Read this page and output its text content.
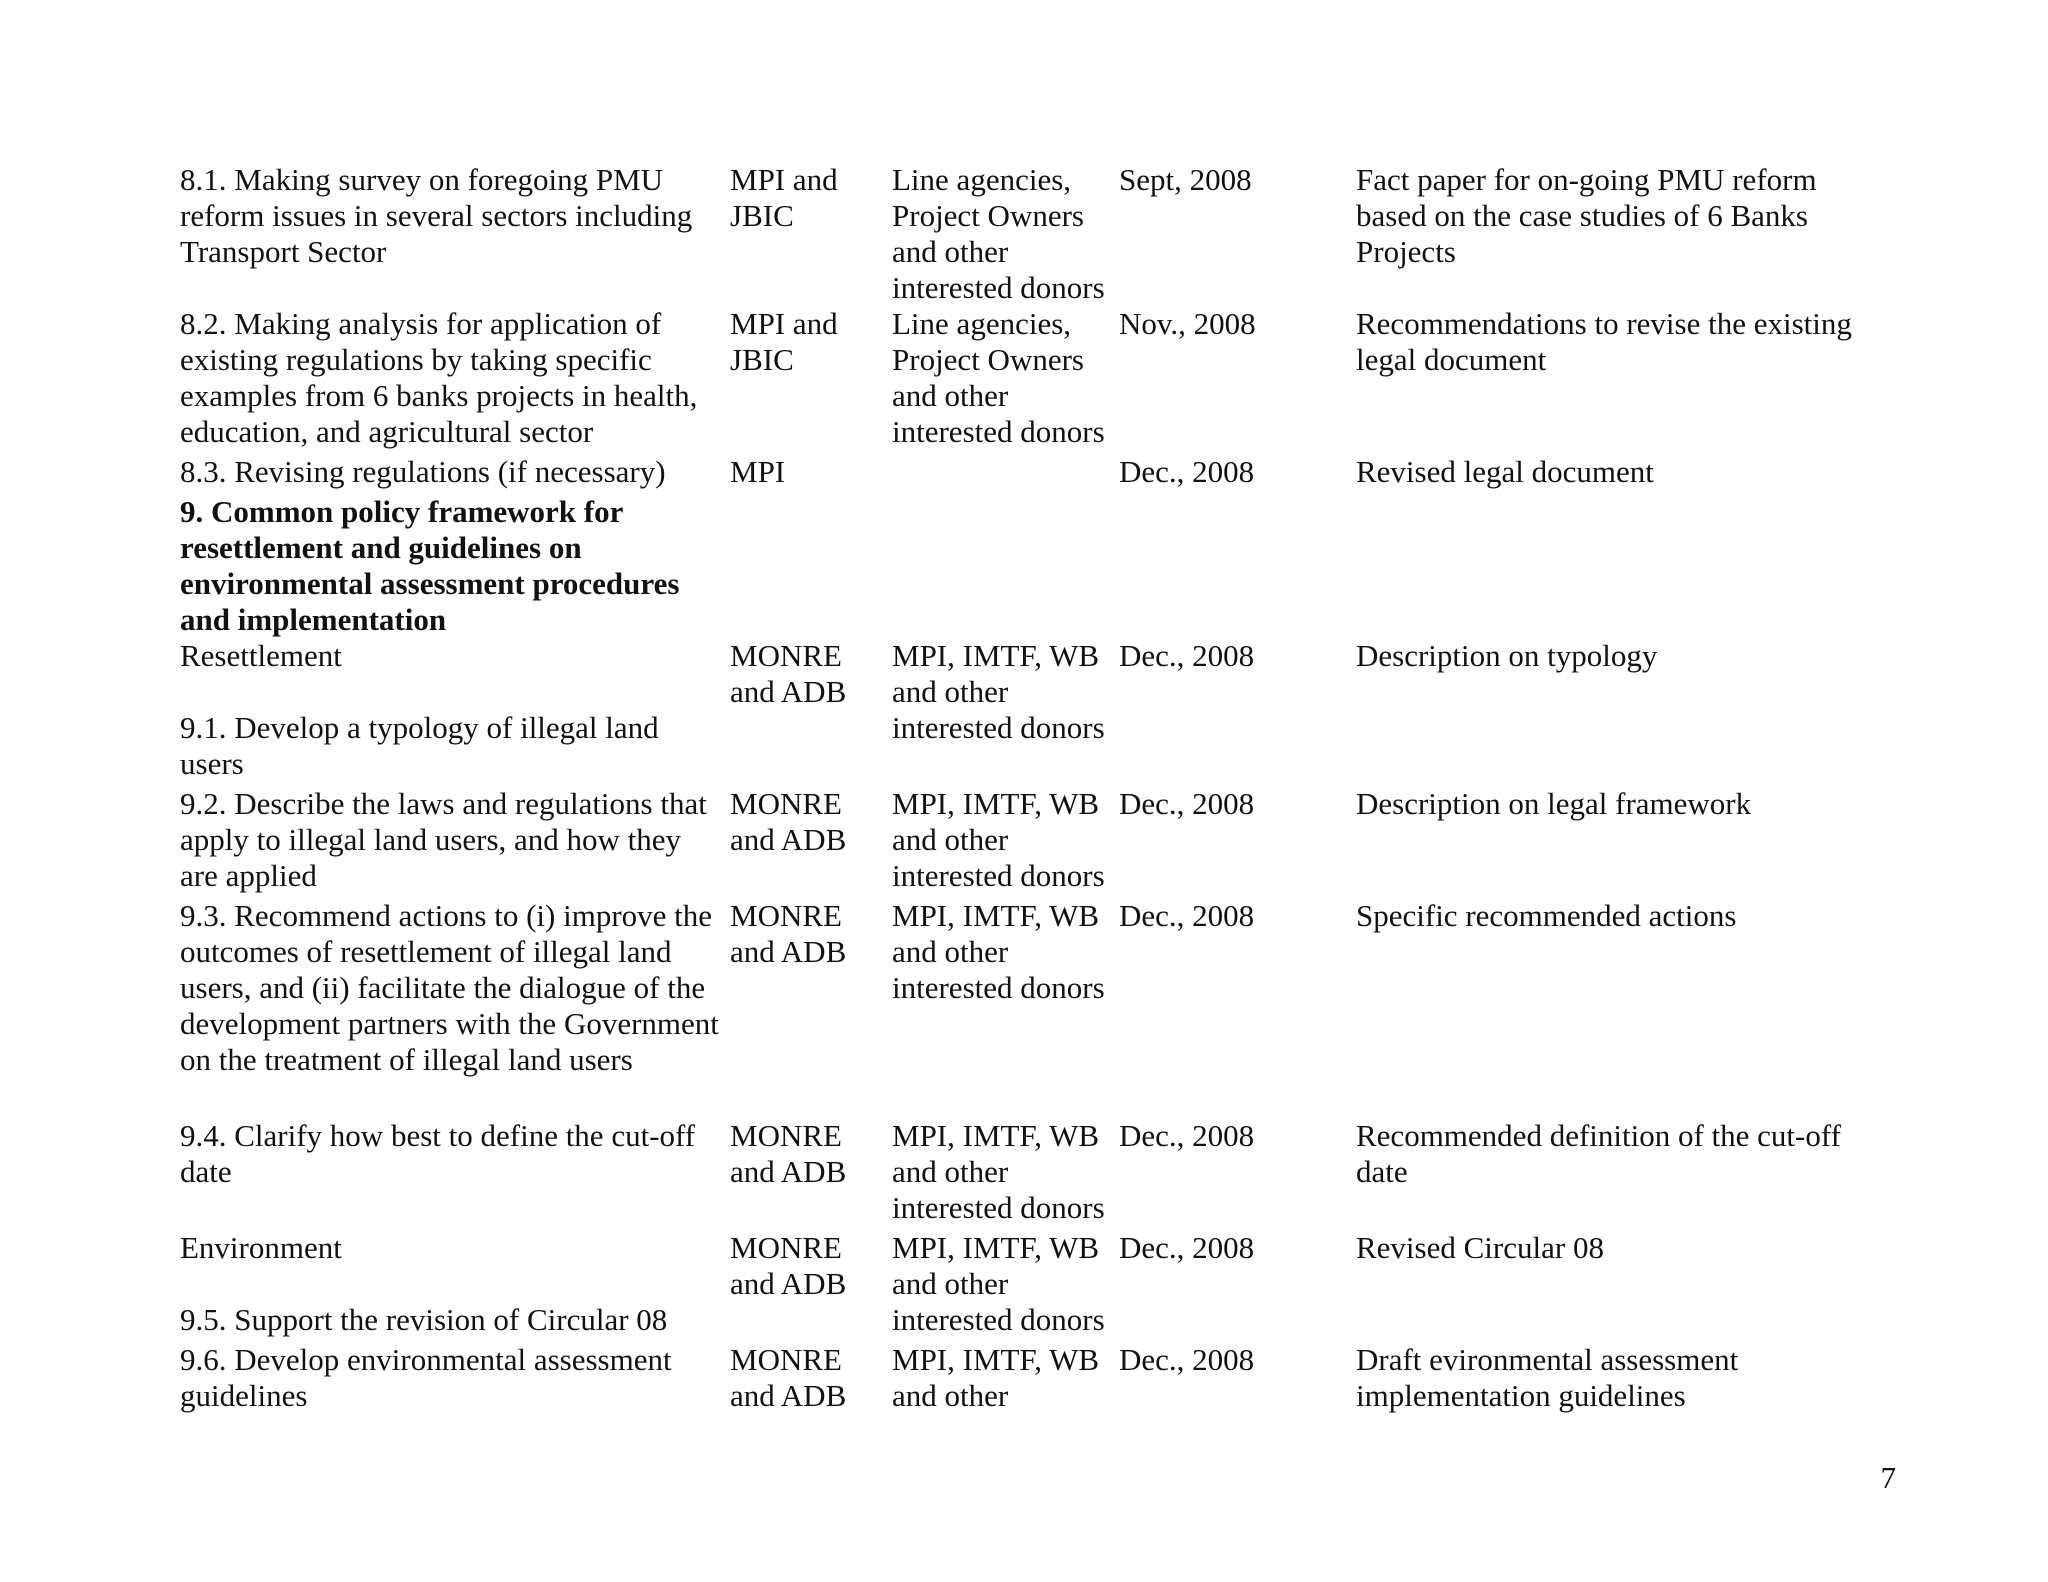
8.1. Making survey on foregoing PMU reform issues in several sectors including Transport Sector	MPI and JBIC	Line agencies, Project Owners and other interested donors	Sept, 2008	Fact paper for on-going PMU reform based on the case studies of 6 Banks Projects
8.2. Making analysis for application of existing regulations by taking specific examples from 6 banks projects in health, education, and agricultural sector	MPI and JBIC	Line agencies, Project Owners and other interested donors	Nov., 2008	Recommendations to revise the existing legal document
8.3. Revising regulations (if necessary)	MPI		Dec., 2008	Revised legal document
9. Common policy framework for resettlement and guidelines on environmental assessment procedures and implementation				

Resettlement
9.1. Develop a typology of illegal land users	MONRE and ADB	MPI, IMTF, WB and other interested donors	Dec., 2008	Description on typology
9.2. Describe the laws and regulations that apply to illegal land users, and how they are applied	MONRE and ADB	MPI, IMTF, WB and other interested donors	Dec., 2008	Description on legal framework
9.3. Recommend actions to (i) improve the outcomes of resettlement of illegal land users, and (ii) facilitate the dialogue of the development partners with the Government on the treatment of illegal land users	MONRE and ADB	MPI, IMTF, WB and other interested donors	Dec., 2008	Specific recommended actions
9.4. Clarify how best to define the cut-off date	MONRE and ADB	MPI, IMTF, WB and other interested donors	Dec., 2008	Recommended definition of the cut-off date

Environment
9.5. Support the revision of Circular 08	MONRE and ADB	MPI, IMTF, WB and other interested donors	Dec., 2008	Revised Circular 08
9.6. Develop environmental assessment guidelines	MONRE and ADB	MPI, IMTF, WB and other	Dec., 2008	Draft evironmental assessment implementation guidelines
7
